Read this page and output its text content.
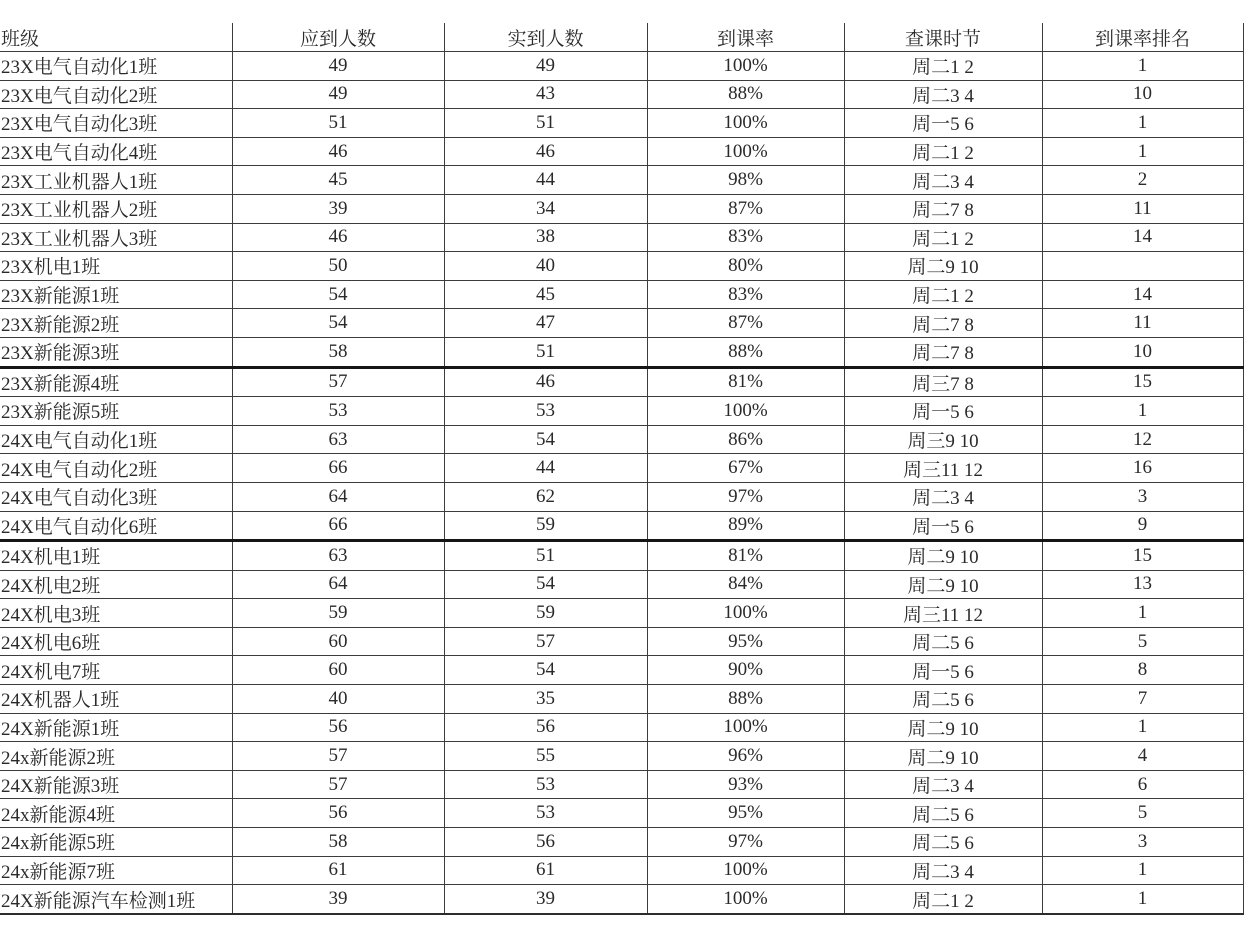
班级	应到人数	实到人数	到课率	查课时节	到课率排名
23X电气自动化1班	49	49	100%	周二1 2	1
23X电气自动化2班	49	43	88%	周二3 4	10
23X电气自动化3班	51	51	100%	周一5 6	1
23X电气自动化4班	46	46	100%	周二1 2	1
23X工业机器人1班	45	44	98%	周二3 4	2
23X工业机器人2班	39	34	87%	周二7 8	11
23X工业机器人3班	46	38	83%	周二1 2	14
23X机电1班	50	40	80%	周二9 10	
23X新能源1班	54	45	83%	周二1 2	14
23X新能源2班	54	47	87%	周二7 8	11
23X新能源3班	58	51	88%	周二7 8	10
23X新能源4班	57	46	81%	周三7 8	15
23X新能源5班	53	53	100%	周一5 6	1
24X电气自动化1班	63	54	86%	周三9 10	12
24X电气自动化2班	66	44	67%	周三11 12	16
24X电气自动化3班	64	62	97%	周二3 4	3
24X电气自动化6班	66	59	89%	周一5 6	9
24X机电1班	63	51	81%	周二9 10	15
24X机电2班	64	54	84%	周二9 10	13
24X机电3班	59	59	100%	周三11 12	1
24X机电6班	60	57	95%	周二5 6	5
24X机电7班	60	54	90%	周一5 6	8
24X机器人1班	40	35	88%	周二5 6	7
24X新能源1班	56	56	100%	周二9 10	1
24x新能源2班	57	55	96%	周二9 10	4
24X新能源3班	57	53	93%	周二3 4	6
24x新能源4班	56	53	95%	周二5 6	5
24x新能源5班	58	56	97%	周二5 6	3
24x新能源7班	61	61	100%	周二3 4	1
24X新能源汽车检测1班	39	39	100%	周二1 2	1
